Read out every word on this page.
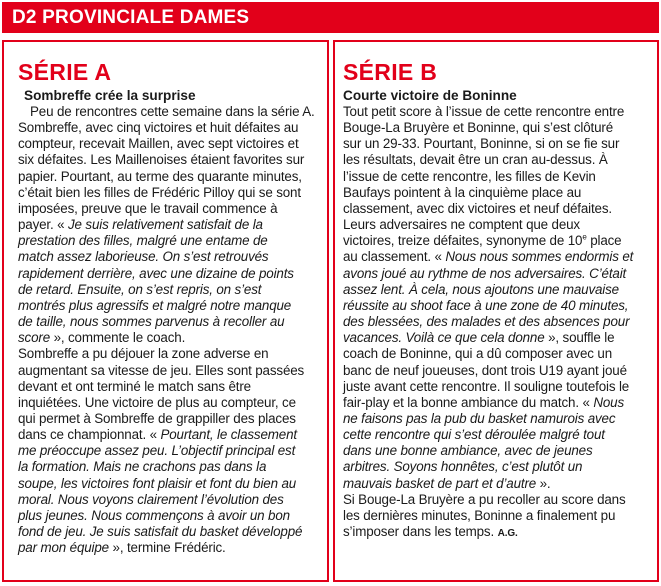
D2 PROVINCIALE DAMES
SÉRIE A
Sombreffe crée la surprise

Peu de rencontres cette semaine dans la série A.
Sombreffe, avec cinq victoires et huit défaites au
compteur, recevait Maillen, avec sept victoires et
six défaites. Les Maillenoises étaient favorites sur
papier. Pourtant, au terme des quarante minutes,
c’était bien les filles de Frédéric Pilloy qui se sont
imposées, preuve que le travail commence à
payer. « Je suis relativement satisfait de la
prestation des filles, malgré une entame de
match assez laborieuse. On s’est retrouvés
rapidement derrière, avec une dizaine de points
de retard. Ensuite, on s’est repris, on s’est
montrés plus agressifs et malgré notre manque
de taille, nous sommes parvenus à recoller au
score », commente le coach.

Sombreffe a pu déjouer la zone adverse en
augmentant sa vitesse de jeu. Elles sont passées
devant et ont terminé le match sans être
inquiétées. Une victoire de plus au compteur, ce
qui permet à Sombreffe de grappiller des places
dans ce championnat. « Pourtant, le classement
me préoccupe assez peu. L’objectif principal est
la formation. Mais ne crachons pas dans la
soupe, les victoires font plaisir et font du bien au
moral. Nous voyons clairement l’évolution des
plus jeunes. Nous commençons à avoir un bon
fond de jeu. Je suis satisfait du basket développé
par mon équipe », termine Frédéric.

SÉRIE B
Courte victoire de Boninne

Tout petit score à l’issue de cette rencontre entre
Bouge-La Bruyère et Boninne, qui s’est clôturé
sur un 29-33. Pourtant, Boninne, si on se fie sur
les résultats, devait être un cran au-dessus. À
l’issue de cette rencontre, les filles de Kevin
Baufays pointent à la cinquième place au
classement, avec dix victoires et neuf défaites.
Leurs adversaires ne comptent que deux
victoires, treize défaites, synonyme de 10e place
au classement. « Nous nous sommes endormis et
avons joué au rythme de nos adversaires. C’était
assez lent. À cela, nous ajoutons une mauvaise
réussite au shoot face à une zone de 40 minutes,
des blessées, des malades et des absences pour
vacances. Voilà ce que cela donne », souffle le
coach de Boninne, qui a dû composer avec un
banc de neuf joueuses, dont trois U19 ayant joué
juste avant cette rencontre. Il souligne toutefois le
fair-play et la bonne ambiance du match. « Nous
ne faisons pas la pub du basket namurois avec
cette rencontre qui s’est déroulée malgré tout
dans une bonne ambiance, avec de jeunes
arbitres. Soyons honnêtes, c’est plutôt un
mauvais basket de part et d’autre ».

Si Bouge-La Bruyère a pu recoller au score dans
les dernières minutes, Boninne a finalement pu
s’imposer dans les temps. A.G.
